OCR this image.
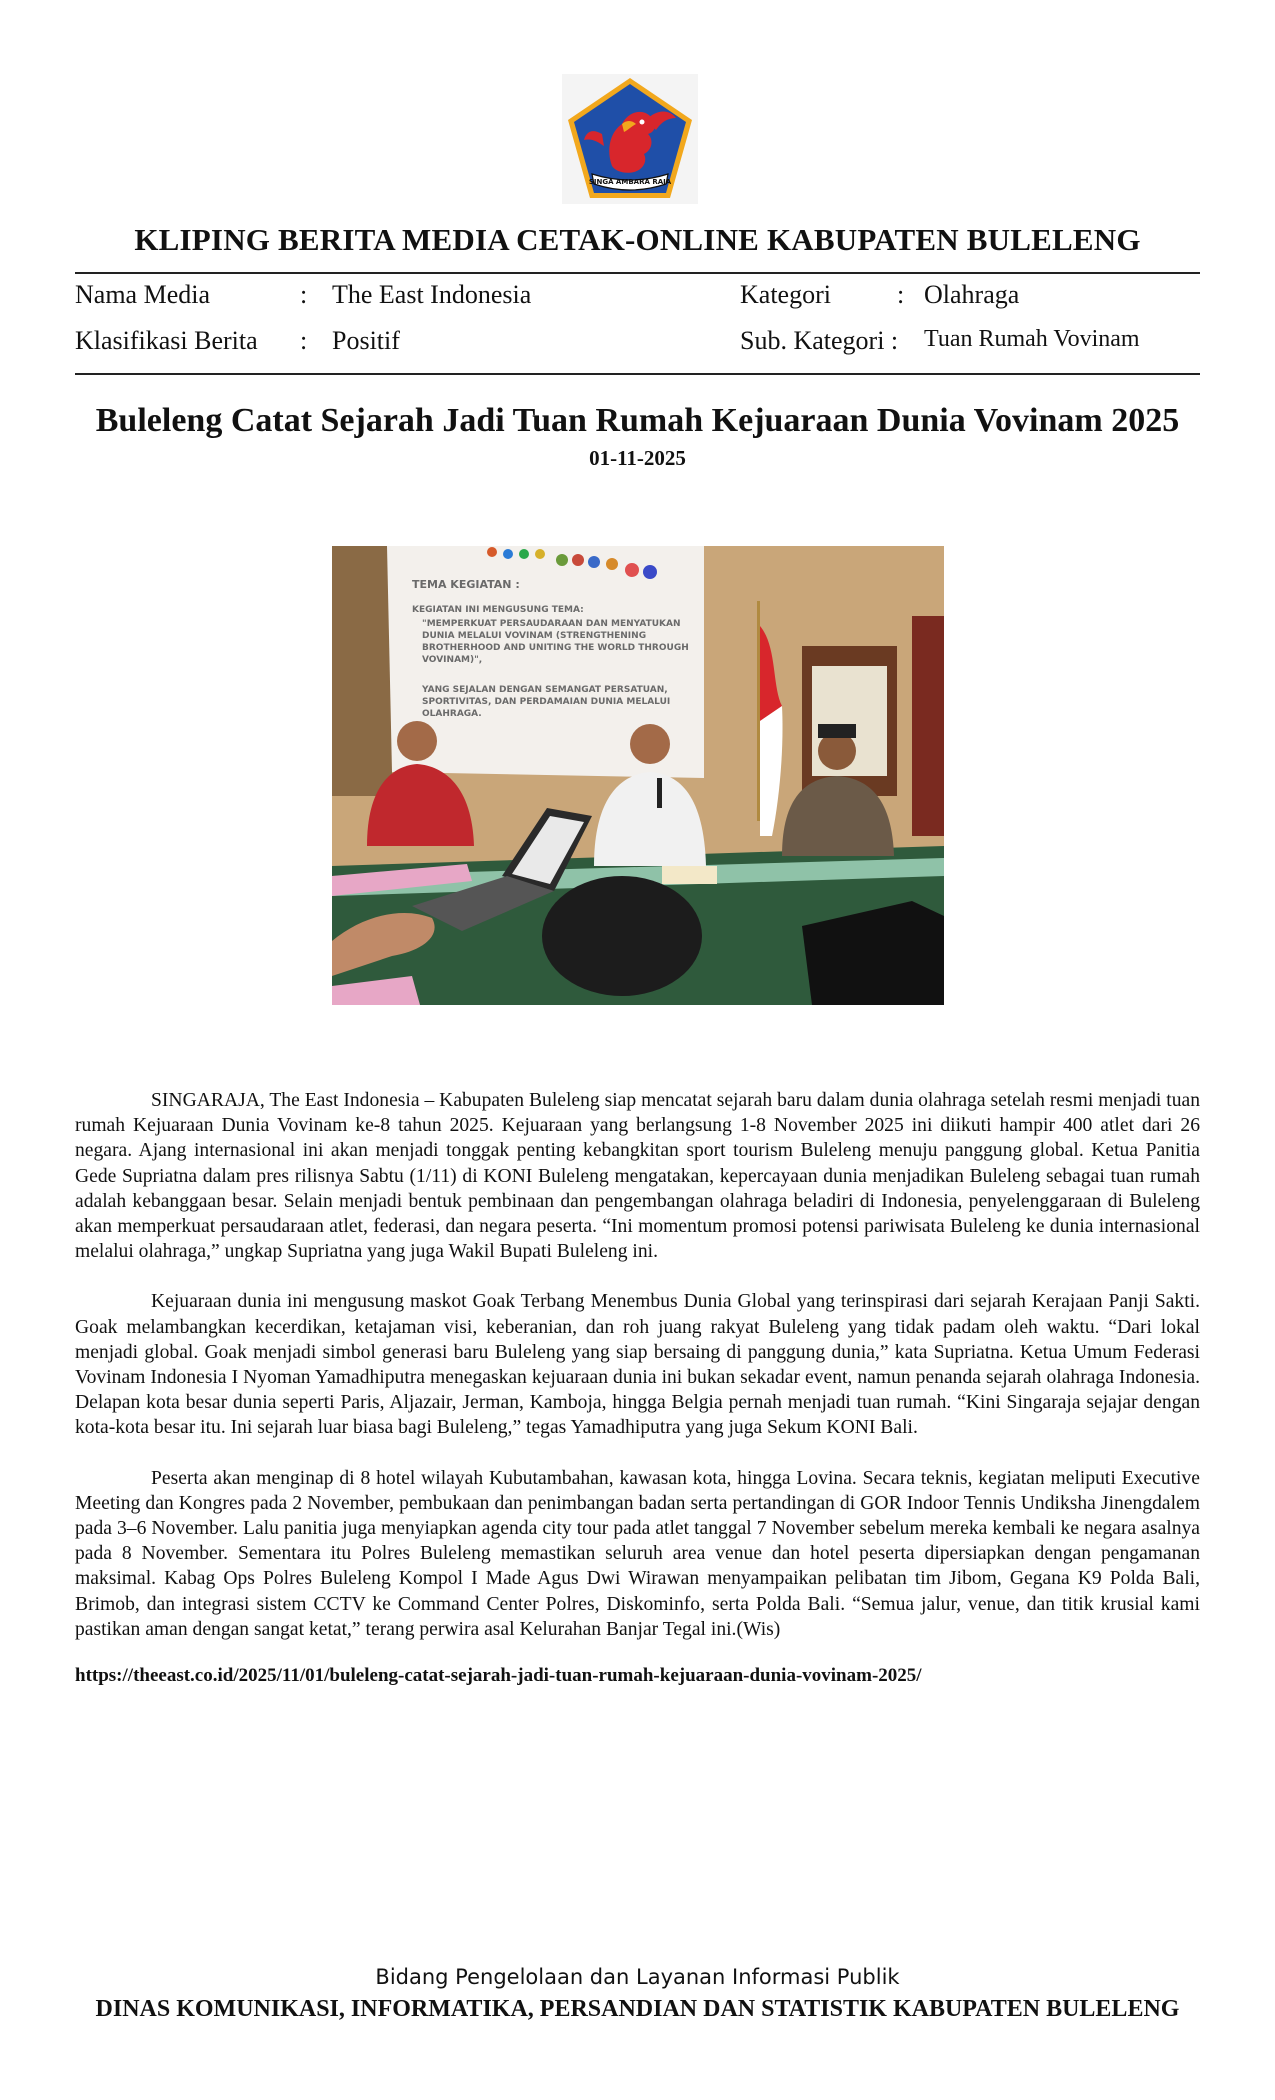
SINGA AMBARA RAJA
KLIPING BERITA MEDIA CETAK-ONLINE KABUPATEN BULELENG
Nama Media	: The East Indonesia	Kategori	: Olahraga
Klasifikasi Berita : Positif	Sub. Kategori : Tuan Rumah Vovinam
Buleleng Catat Sejarah Jadi Tuan Rumah Kejuaraan Dunia Vovinam 2025
01-11-2025
TEMA KEGIATAN :
KEGIATAN INI MENGUSUNG TEMA:
"MEMPERKUAT PERSAUDARAAN DAN MENYATUKAN
DUNIA MELALUI VOVINAM (STRENGTHENING
BROTHERHOOD AND UNITING THE WORLD THROUGH
VOVINAM)",
YANG SEJALAN DENGAN SEMANGAT PERSATUAN,
SPORTIVITAS, DAN PERDAMAIAN DUNIA MELALUI
OLAHRAGA.

SINGARAJA, The East Indonesia – Kabupaten Buleleng siap mencatat sejarah baru dalam dunia olahraga setelah resmi menjadi tuan rumah Kejuaraan Dunia Vovinam ke-8 tahun 2025. Kejuaraan yang berlangsung 1-8 November 2025 ini diikuti hampir 400 atlet dari 26 negara. Ajang internasional ini akan menjadi tonggak penting kebangkitan sport tourism Buleleng menuju panggung global. Ketua Panitia Gede Supriatna dalam pres rilisnya Sabtu (1/11) di KONI Buleleng mengatakan, kepercayaan dunia menjadikan Buleleng sebagai tuan rumah adalah kebanggaan besar. Selain menjadi bentuk pembinaan dan pengembangan olahraga beladiri di Indonesia, penyelenggaraan di Buleleng akan memperkuat persaudaraan atlet, federasi, dan negara peserta. “Ini momentum promosi potensi pariwisata Buleleng ke dunia internasional melalui olahraga,” ungkap Supriatna yang juga Wakil Bupati Buleleng ini.

Kejuaraan dunia ini mengusung maskot Goak Terbang Menembus Dunia Global yang terinspirasi dari sejarah Kerajaan Panji Sakti. Goak melambangkan kecerdikan, ketajaman visi, keberanian, dan roh juang rakyat Buleleng yang tidak padam oleh waktu. “Dari lokal menjadi global. Goak menjadi simbol generasi baru Buleleng yang siap bersaing di panggung dunia,” kata Supriatna. Ketua Umum Federasi Vovinam Indonesia I Nyoman Yamadhiputra menegaskan kejuaraan dunia ini bukan sekadar event, namun penanda sejarah olahraga Indonesia. Delapan kota besar dunia seperti Paris, Aljazair, Jerman, Kamboja, hingga Belgia pernah menjadi tuan rumah. “Kini Singaraja sejajar dengan kota-kota besar itu. Ini sejarah luar biasa bagi Buleleng,” tegas Yamadhiputra yang juga Sekum KONI Bali.

Peserta akan menginap di 8 hotel wilayah Kubutambahan, kawasan kota, hingga Lovina. Secara teknis, kegiatan meliputi Executive Meeting dan Kongres pada 2 November, pembukaan dan penimbangan badan serta pertandingan di GOR Indoor Tennis Undiksha Jinengdalem pada 3–6 November. Lalu panitia juga menyiapkan agenda city tour pada atlet tanggal 7 November sebelum mereka kembali ke negara asalnya pada 8 November. Sementara itu Polres Buleleng memastikan seluruh area venue dan hotel peserta dipersiapkan dengan pengamanan maksimal. Kabag Ops Polres Buleleng Kompol I Made Agus Dwi Wirawan menyampaikan pelibatan tim Jibom, Gegana K9 Polda Bali, Brimob, dan integrasi sistem CCTV ke Command Center Polres, Diskominfo, serta Polda Bali. “Semua jalur, venue, dan titik krusial kami pastikan aman dengan sangat ketat,” terang perwira asal Kelurahan Banjar Tegal ini.(Wis)

https://theeast.co.id/2025/11/01/buleleng-catat-sejarah-jadi-tuan-rumah-kejuaraan-dunia-vovinam-2025/
Bidang Pengelolaan dan Layanan Informasi Publik
DINAS KOMUNIKASI, INFORMATIKA, PERSANDIAN DAN STATISTIK KABUPATEN BULELENG
